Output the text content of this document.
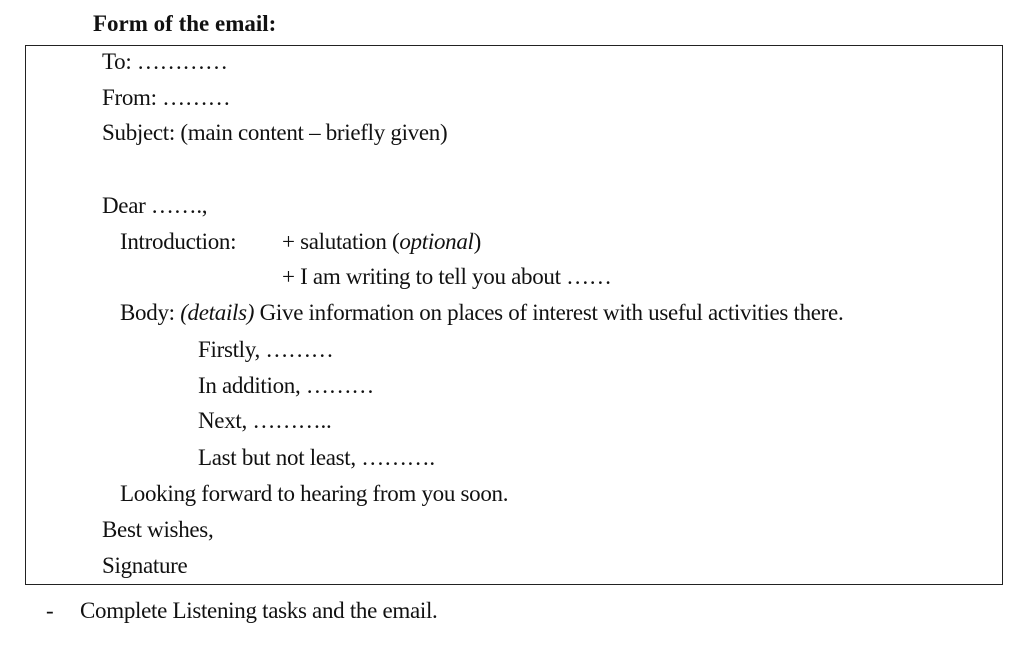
Form of the email:
To: …………
From: ………
Subject: (main content – briefly given)
Dear …….,
Introduction: + salutation (optional)
+ I am writing to tell you about ……
Body: (details) Give information on places of interest with useful activities there.
Firstly, ………
In addition, ………
Next, ………..
Last but not least, ……….
Looking forward to hearing from you soon.
Best wishes,
Signature
- Complete Listening tasks and the email.
